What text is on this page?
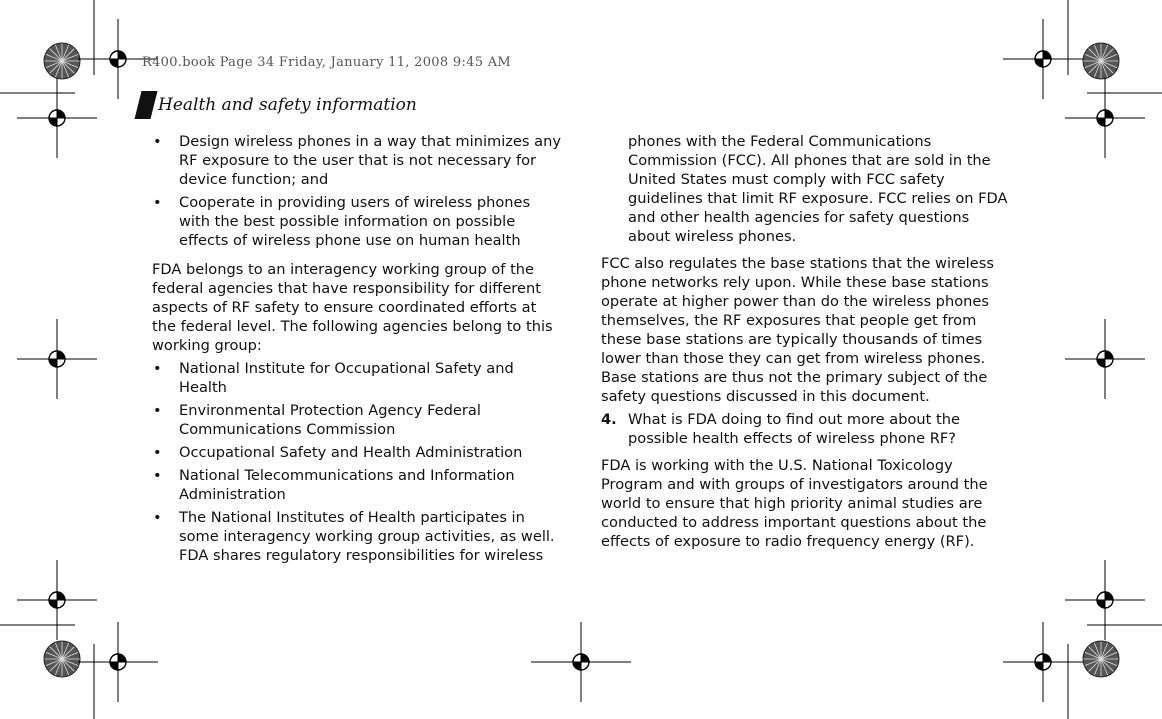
R400.book Page 34 Friday, January 11, 2008 9:45 AM
Health and safety information
• Design wireless phones in a way that minimizes any RF exposure to the user that is not necessary for device function; and
• Cooperate in providing users of wireless phones with the best possible information on possible effects of wireless phone use on human health

FDA belongs to an interagency working group of the federal agencies that have responsibility for different aspects of RF safety to ensure coordinated efforts at the federal level. The following agencies belong to this working group:

• National Institute for Occupational Safety and Health
• Environmental Protection Agency Federal Communications Commission
• Occupational Safety and Health Administration
• National Telecommunications and Information Administration
• The National Institutes of Health participates in some interagency working group activities, as well. FDA shares regulatory responsibilities for wireless

phones with the Federal Communications Commission (FCC). All phones that are sold in the United States must comply with FCC safety guidelines that limit RF exposure. FCC relies on FDA and other health agencies for safety questions about wireless phones.

FCC also regulates the base stations that the wireless phone networks rely upon. While these base stations operate at higher power than do the wireless phones themselves, the RF exposures that people get from these base stations are typically thousands of times lower than those they can get from wireless phones. Base stations are thus not the primary subject of the safety questions discussed in this document.

4. What is FDA doing to find out more about the possible health effects of wireless phone RF?

FDA is working with the U.S. National Toxicology Program and with groups of investigators around the world to ensure that high priority animal studies are conducted to address important questions about the effects of exposure to radio frequency energy (RF).
